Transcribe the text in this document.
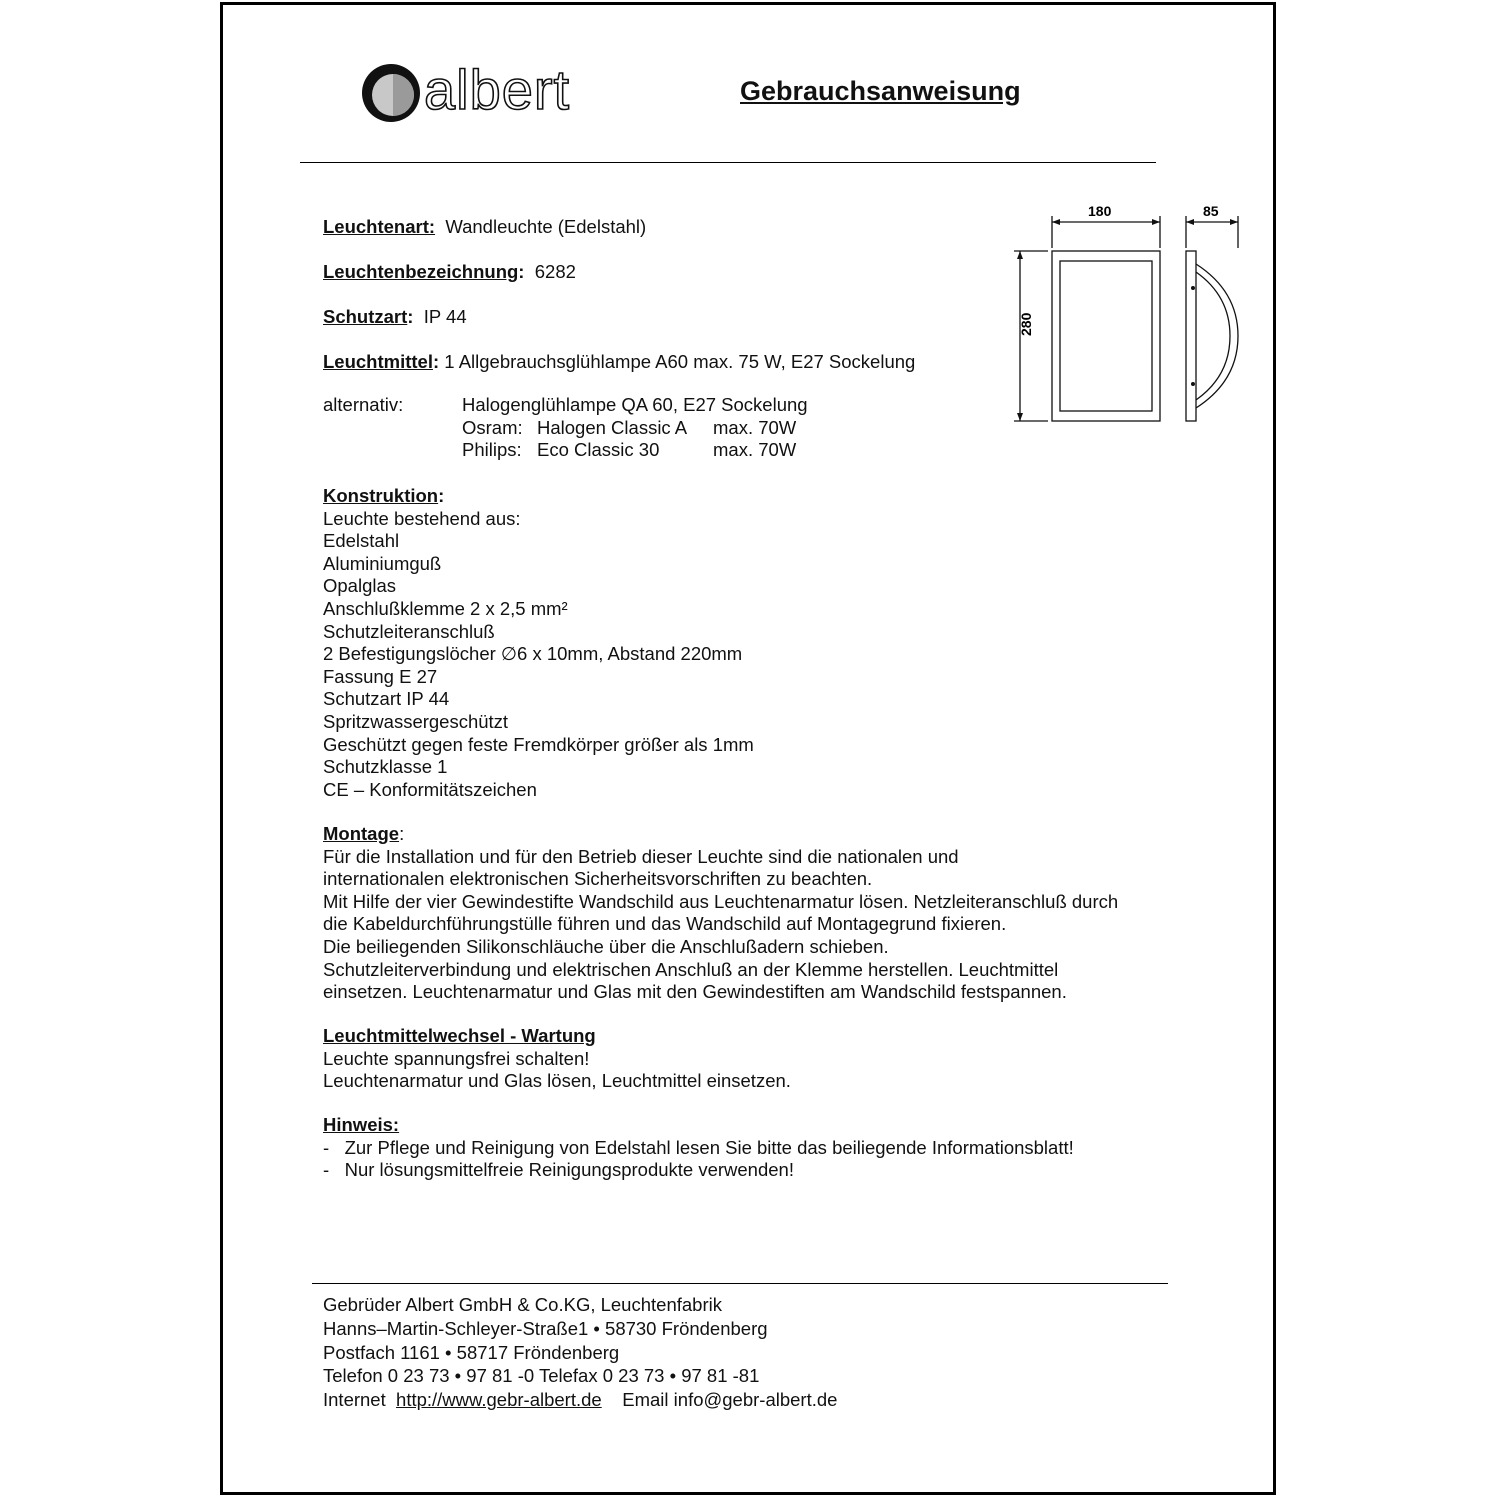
albert	Gebrauchsanweisung
Leuchtenart: Wandleuchte (Edelstahl)
Leuchtenbezeichnung: 6282
Schutzart: IP 44
Leuchtmittel: 1 Allgebrauchsglühlampe A60 max. 75 W, E27 Sockelung
alternativ:	Halogenglühlampe QA 60, E27 Sockelung
Osram: Halogen Classic A max. 70W
Philips: Eco Classic 30	max. 70W
180	85
280
Konstruktion:
Leuchte bestehend aus:
Edelstahl
Aluminiumguß
Opalglas
Anschlußklemme 2 x 2,5 mm²
Schutzleiteranschluß
2 Befestigungslöcher ∅6 x 10mm, Abstand 220mm
Fassung E 27
Schutzart IP 44
Spritzwassergeschützt
Geschützt gegen feste Fremdkörper größer als 1mm
Schutzklasse 1
CE – Konformitätszeichen
Montage:
Für die Installation und für den Betrieb dieser Leuchte sind die nationalen und
internationalen elektronischen Sicherheitsvorschriften zu beachten.
Mit Hilfe der vier Gewindestifte Wandschild aus Leuchtenarmatur lösen. Netzleiteranschluß durch
die Kabeldurchführungstülle führen und das Wandschild auf Montagegrund fixieren.
Die beiliegenden Silikonschläuche über die Anschlußadern schieben.
Schutzleiterverbindung und elektrischen Anschluß an der Klemme herstellen. Leuchtmittel
einsetzen. Leuchtenarmatur und Glas mit den Gewindestiften am Wandschild festspannen.
Leuchtmittelwechsel - Wartung
Leuchte spannungsfrei schalten!
Leuchtenarmatur und Glas lösen, Leuchtmittel einsetzen.
Hinweis:
-   Zur Pflege und Reinigung von Edelstahl lesen Sie bitte das beiliegende Informationsblatt!
-   Nur lösungsmittelfreie Reinigungsprodukte verwenden!
Gebrüder Albert GmbH & Co.KG, Leuchtenfabrik
Hanns–Martin-Schleyer-Straße1 • 58730 Fröndenberg
Postfach 1161 • 58717 Fröndenberg
Telefon 0 23 73 • 97 81 -0 Telefax 0 23 73 • 97 81 -81
Internet http://www.gebr-albert.de Email info@gebr-albert.de
